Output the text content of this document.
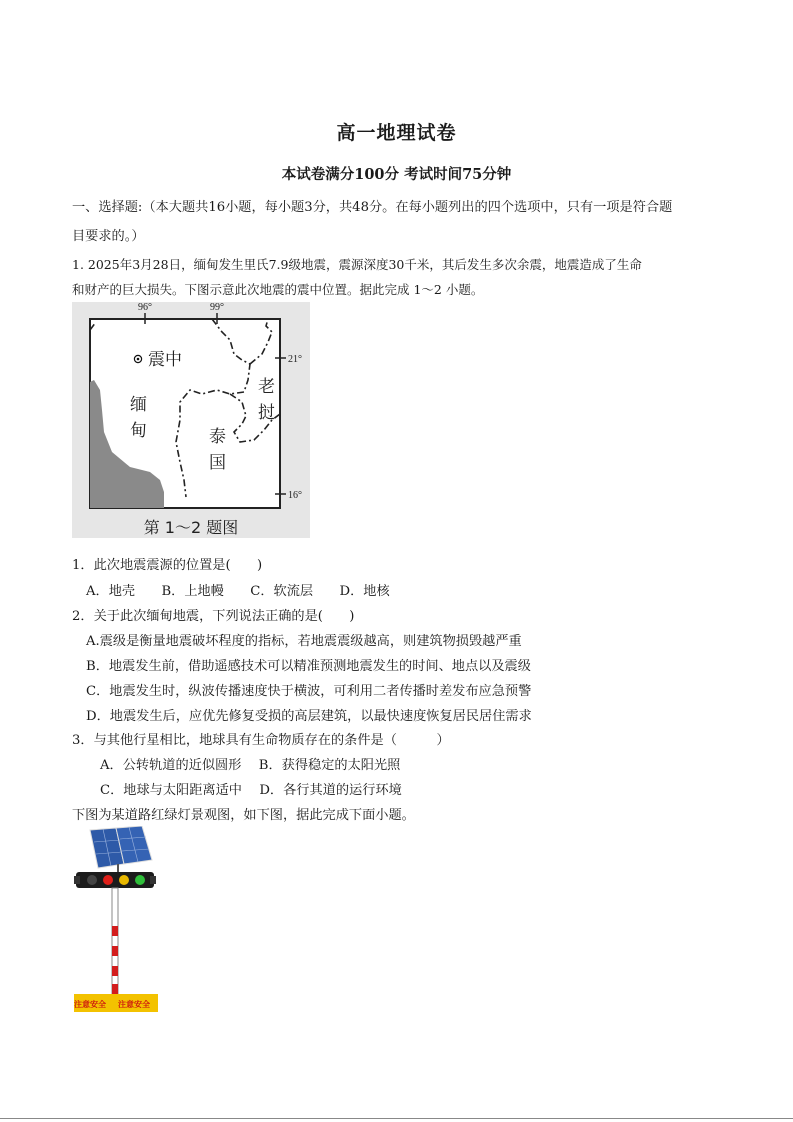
高一地理试卷
本试卷满分100分 考试时间75分钟
一、选择题:（本大题共16小题，每小题3分，共48分。在每小题列出的四个选项中，只有一项是符合题
目要求的。）
1. 2025年3月28日，缅甸发生里氏7.9级地震，震源深度30千米，其后发生多次余震，地震造成了生命
和财产的巨大损失。下图示意此次地震的震中位置。据此完成 1～2 小题。
96°	99°
21°
16°
震中
缅
甸	泰
国
老
挝
第 1～2 题图
1．此次地震震源的位置是(　　)
A．地壳　　B．上地幔　　C．软流层　　D．地核
2．关于此次缅甸地震，下列说法正确的是(　　)
A.震级是衡量地震破坏程度的指标，若地震震级越高，则建筑物损毁越严重
B．地震发生前，借助遥感技术可以精准预测地震发生的时间、地点以及震级
C．地震发生时，纵波传播速度快于横波，可利用二者传播时差发布应急预警
D．地震发生后，应优先修复受损的高层建筑，以最快速度恢复居民居住需求
3．与其他行星相比，地球具有生命物质存在的条件是（　　　）
A．公转轨道的近似圆形　 B．获得稳定的太阳光照
C．地球与太阳距离适中　 D．各行其道的运行环境
下图为某道路红绿灯景观图，如下图，据此完成下面小题。
注意安全 注意安全
